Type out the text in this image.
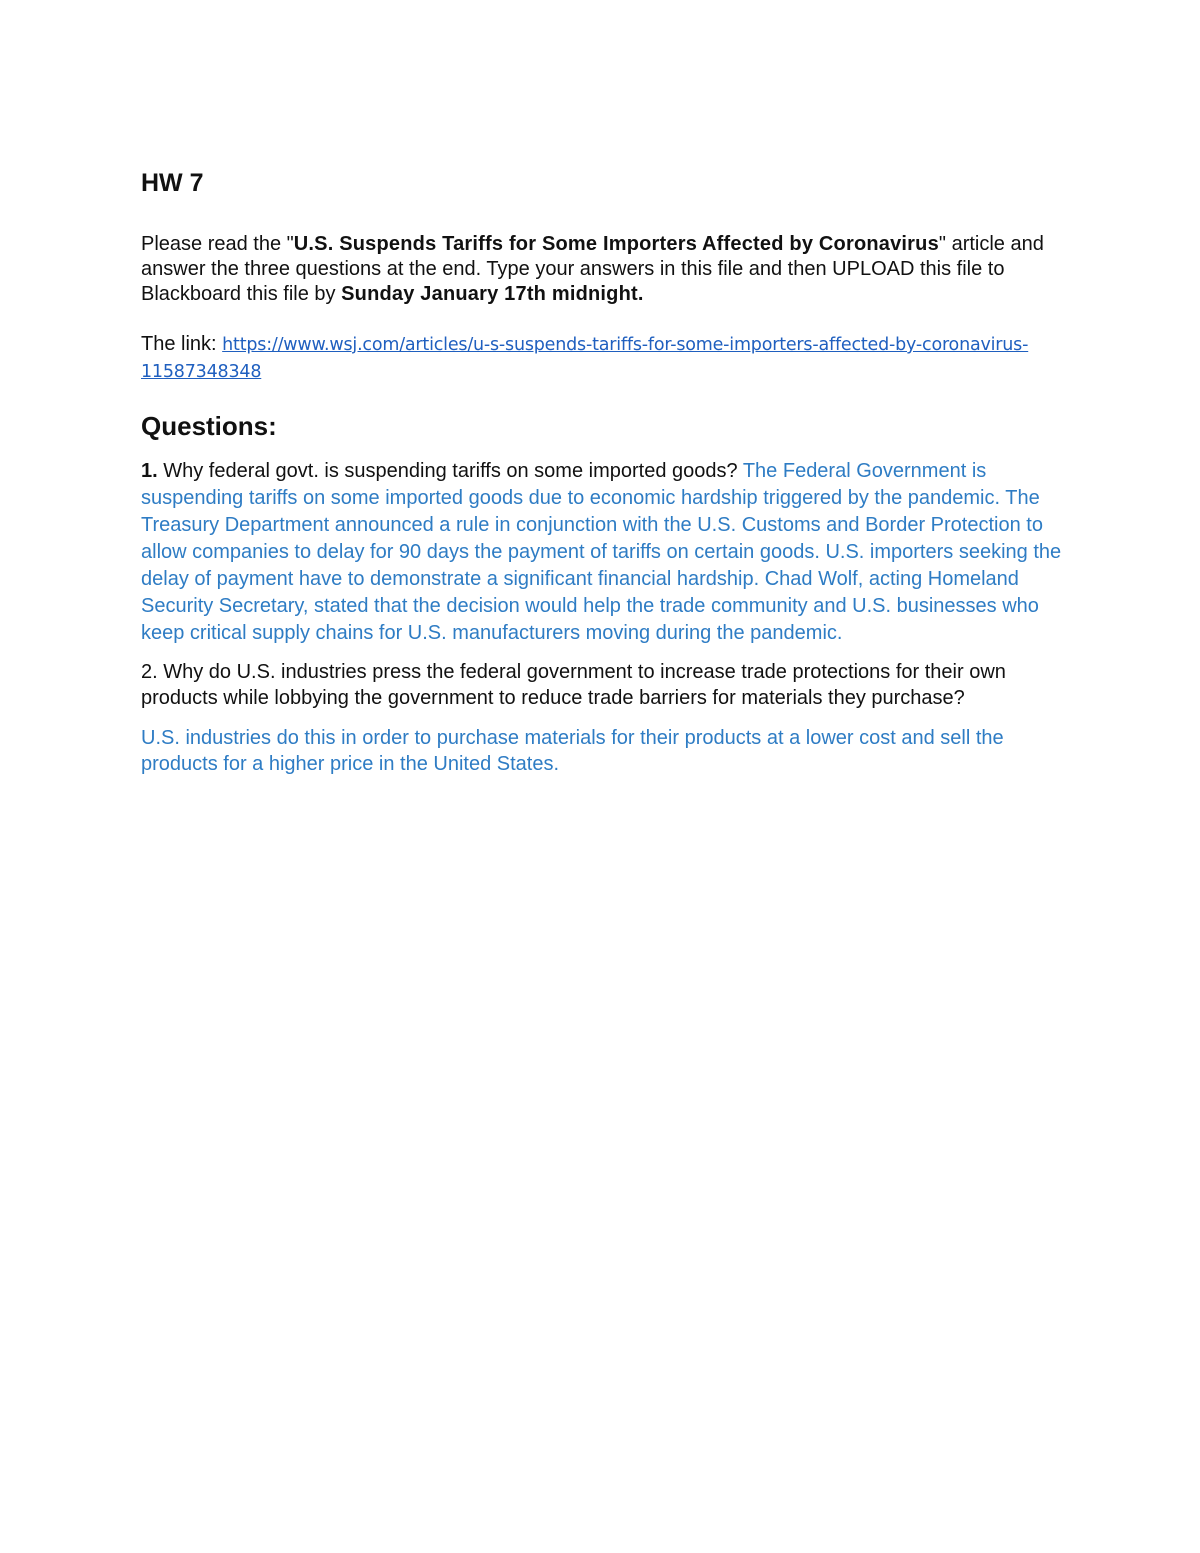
HW 7

Please read the "U.S. Suspends Tariffs for Some Importers Affected by Coronavirus" article and answer the three questions at the end. Type your answers in this file and then UPLOAD this file to Blackboard this file by Sunday January 17th midnight.

The link: https://www.wsj.com/articles/u-s-suspends-tariffs-for-some-importers-affected-by-coronavirus-11587348348

Questions:

1. Why federal govt. is suspending tariffs on some imported goods? The Federal Government is suspending tariffs on some imported goods due to economic hardship triggered by the pandemic. The Treasury Department announced a rule in conjunction with the U.S. Customs and Border Protection to allow companies to delay for 90 days the payment of tariffs on certain goods. U.S. importers seeking the delay of payment have to demonstrate a significant financial hardship. Chad Wolf, acting Homeland Security Secretary, stated that the decision would help the trade community and U.S. businesses who keep critical supply chains for U.S. manufacturers moving during the pandemic.

2. Why do U.S. industries press the federal government to increase trade protections for their own products while lobbying the government to reduce trade barriers for materials they purchase?

U.S. industries do this in order to purchase materials for their products at a lower cost and sell the products for a higher price in the United States.
